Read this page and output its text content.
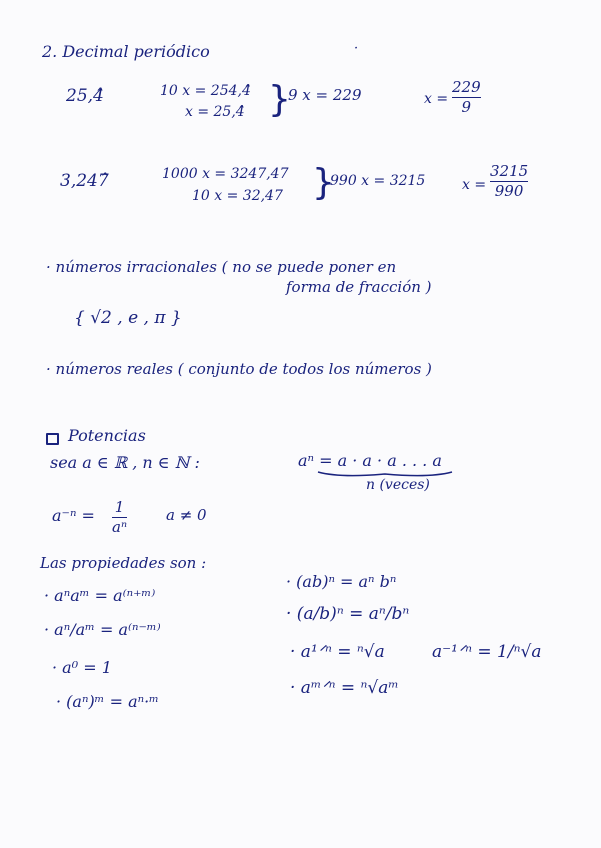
2. Decimal periódico
25,4̂	10 x = 254,4̂
x = 25,4̂ }
9 x = 229	x =
229
9
3,247̂	1000 x = 3247,47
10 x = 32,47 }
990 x = 3215	x =
3215
990
· números irracionales ( no se puede poner en
forma de fracción )
{ √2 , e , π }
· números reales ( conjunto de todos los números )
Potencias
sea a ∈ ℝ , n ∈ ℕ :	aⁿ = a · a · a . . . a
n (veces)
a⁻ⁿ = 1
aⁿ
a ≠ 0
Las propiedades son :
· aⁿaᵐ = a⁽ⁿ⁺ᵐ⁾
· aⁿ/aᵐ = a⁽ⁿ⁻ᵐ⁾
· a⁰ = 1
· (aⁿ)ᵐ = aⁿ·ᵐ
· (ab)ⁿ = aⁿ bⁿ
· (a/b)ⁿ = aⁿ/bⁿ
· a¹ᐟⁿ = ⁿ√a	a⁻¹ᐟⁿ = 1/ⁿ√a
· aᵐᐟⁿ = ⁿ√aᵐ
·
